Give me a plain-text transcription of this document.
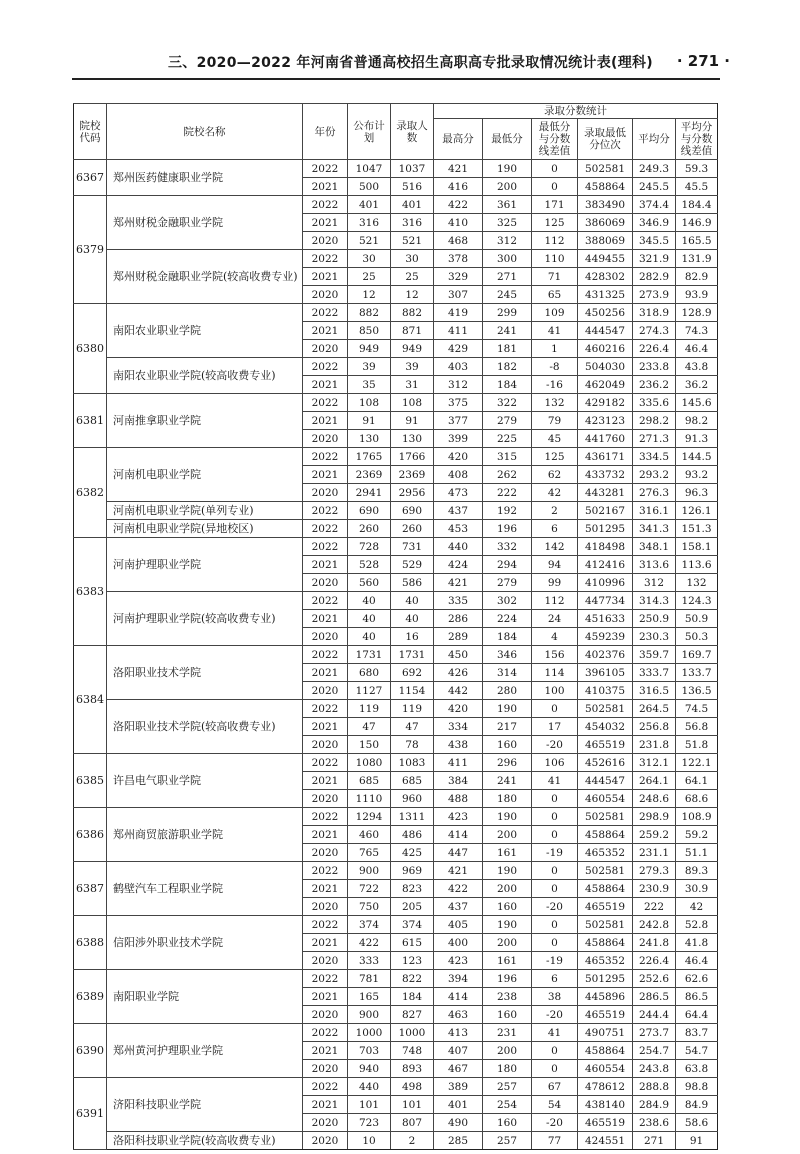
三、2020—2022 年河南省普通高校招生高职高专批录取情况统计表(理科) · 271 ·
院校代码	院校名称	年份	公布计划	录取人数	录取分数统计					
					最高分	最低分	最低分与分数线差值	录取最低分位次	平均分	平均分与分数线差值
6367	郑州医药健康职业学院	2022	1047	1037	421	190	0	502581	249.3	59.3
		2021	500	516	416	200	0	458864	245.5	45.5
6379	郑州财税金融职业学院	2022	401	401	422	361	171	383490	374.4	184.4
		2021	316	316	410	325	125	386069	346.9	146.9
		2020	521	521	468	312	112	388069	345.5	165.5
	郑州财税金融职业学院(较高收费专业)	2022	30	30	378	300	110	449455	321.9	131.9
		2021	25	25	329	271	71	428302	282.9	82.9
		2020	12	12	307	245	65	431325	273.9	93.9
6380	南阳农业职业学院	2022	882	882	419	299	109	450256	318.9	128.9
		2021	850	871	411	241	41	444547	274.3	74.3
		2020	949	949	429	181	1	460216	226.4	46.4
	南阳农业职业学院(较高收费专业)	2022	39	39	403	182	-8	504030	233.8	43.8
		2021	35	31	312	184	-16	462049	236.2	36.2
6381	河南推拿职业学院	2022	108	108	375	322	132	429182	335.6	145.6
		2021	91	91	377	279	79	423123	298.2	98.2
		2020	130	130	399	225	45	441760	271.3	91.3
6382	河南机电职业学院	2022	1765	1766	420	315	125	436171	334.5	144.5
		2021	2369	2369	408	262	62	433732	293.2	93.2
		2020	2941	2956	473	222	42	443281	276.3	96.3
	河南机电职业学院(单列专业)	2022	690	690	437	192	2	502167	316.1	126.1
	河南机电职业学院(异地校区)	2022	260	260	453	196	6	501295	341.3	151.3
6383	河南护理职业学院	2022	728	731	440	332	142	418498	348.1	158.1
		2021	528	529	424	294	94	412416	313.6	113.6
		2020	560	586	421	279	99	410996	312	132
	河南护理职业学院(较高收费专业)	2022	40	40	335	302	112	447734	314.3	124.3
		2021	40	40	286	224	24	451633	250.9	50.9
		2020	40	16	289	184	4	459239	230.3	50.3
6384	洛阳职业技术学院	2022	1731	1731	450	346	156	402376	359.7	169.7
		2021	680	692	426	314	114	396105	333.7	133.7
		2020	1127	1154	442	280	100	410375	316.5	136.5
	洛阳职业技术学院(较高收费专业)	2022	119	119	420	190	0	502581	264.5	74.5
		2021	47	47	334	217	17	454032	256.8	56.8
		2020	150	78	438	160	-20	465519	231.8	51.8
6385	许昌电气职业学院	2022	1080	1083	411	296	106	452616	312.1	122.1
		2021	685	685	384	241	41	444547	264.1	64.1
		2020	1110	960	488	180	0	460554	248.6	68.6
6386	郑州商贸旅游职业学院	2022	1294	1311	423	190	0	502581	298.9	108.9
		2021	460	486	414	200	0	458864	259.2	59.2
		2020	765	425	447	161	-19	465352	231.1	51.1
6387	鹤壁汽车工程职业学院	2022	900	969	421	190	0	502581	279.3	89.3
		2021	722	823	422	200	0	458864	230.9	30.9
		2020	750	205	437	160	-20	465519	222	42
6388	信阳涉外职业技术学院	2022	374	374	405	190	0	502581	242.8	52.8
		2021	422	615	400	200	0	458864	241.8	41.8
		2020	333	123	423	161	-19	465352	226.4	46.4
6389	南阳职业学院	2022	781	822	394	196	6	501295	252.6	62.6
		2021	165	184	414	238	38	445896	286.5	86.5
		2020	900	827	463	160	-20	465519	244.4	64.4
6390	郑州黄河护理职业学院	2022	1000	1000	413	231	41	490751	273.7	83.7
		2021	703	748	407	200	0	458864	254.7	54.7
		2020	940	893	467	180	0	460554	243.8	63.8
6391	济阳科技职业学院	2022	440	498	389	257	67	478612	288.8	98.8
		2021	101	101	401	254	54	438140	284.9	84.9
		2020	723	807	490	160	-20	465519	238.6	58.6
	洛阳科技职业学院(较高收费专业)	2020	10	2	285	257	77	424551	271	91
